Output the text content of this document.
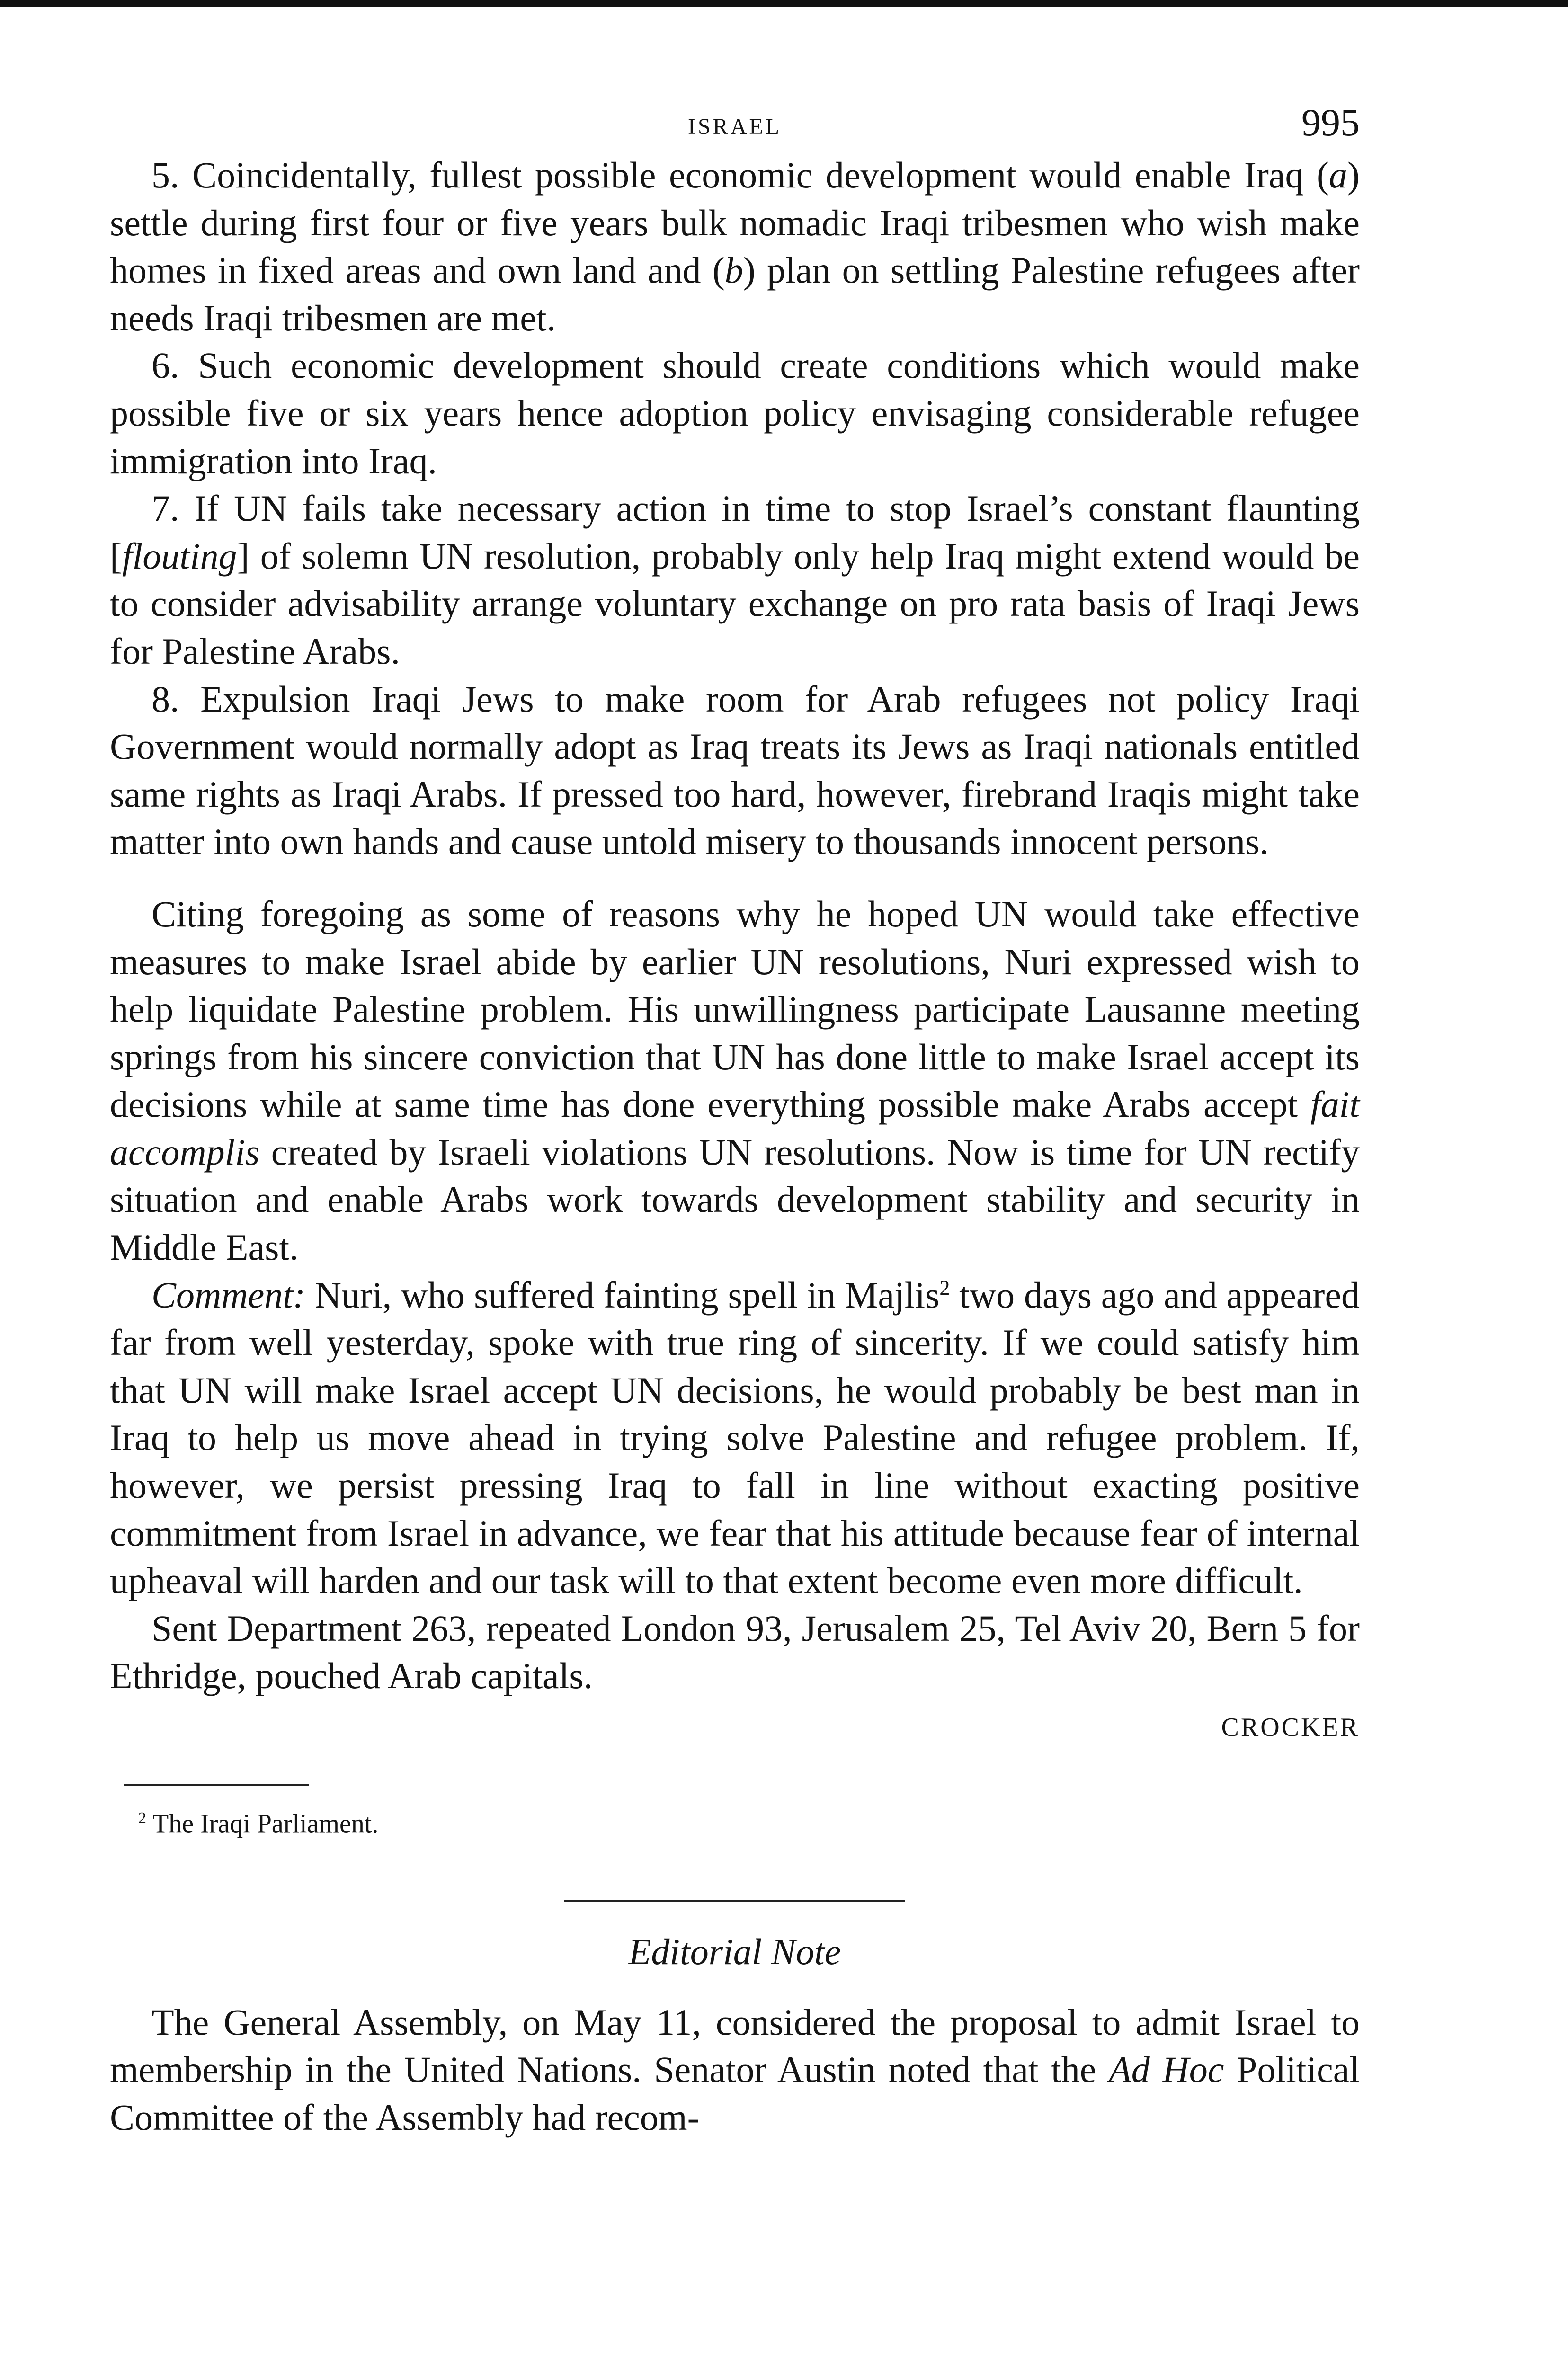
ISRAEL	995

5. Coincidentally, fullest possible economic development would enable Iraq (a) settle during first four or five years bulk nomadic Iraqi tribesmen who wish make homes in fixed areas and own land and (b) plan on settling Palestine refugees after needs Iraqi tribesmen are met.

6. Such economic development should create conditions which would make possible five or six years hence adoption policy envisaging considerable refugee immigration into Iraq.

7. If UN fails take necessary action in time to stop Israel’s constant flaunting [flouting] of solemn UN resolution, probably only help Iraq might extend would be to consider advisability arrange voluntary exchange on pro rata basis of Iraqi Jews for Palestine Arabs.

8. Expulsion Iraqi Jews to make room for Arab refugees not policy Iraqi Government would normally adopt as Iraq treats its Jews as Iraqi nationals entitled same rights as Iraqi Arabs. If pressed too hard, however, firebrand Iraqis might take matter into own hands and cause untold misery to thousands innocent persons.

Citing foregoing as some of reasons why he hoped UN would take effective measures to make Israel abide by earlier UN resolutions, Nuri expressed wish to help liquidate Palestine problem. His unwillingness participate Lausanne meeting springs from his sincere conviction that UN has done little to make Israel accept its decisions while at same time has done everything possible make Arabs accept fait accomplis created by Israeli violations UN resolutions. Now is time for UN rectify situation and enable Arabs work towards development stability and security in Middle East.

Comment: Nuri, who suffered fainting spell in Majlis$^2$ two days ago and appeared far from well yesterday, spoke with true ring of sincerity. If we could satisfy him that UN will make Israel accept UN decisions, he would probably be best man in Iraq to help us move ahead in trying solve Palestine and refugee problem. If, however, we persist pressing Iraq to fall in line without exacting positive commitment from Israel in advance, we fear that his attitude because fear of internal upheaval will harden and our task will to that extent become even more difficult.

Sent Department 263, repeated London 93, Jerusalem 25, Tel Aviv 20, Bern 5 for Ethridge, pouched Arab capitals.

CROCKER
$^2$ The Iraqi Parliament.
Editorial Note

The General Assembly, on May 11, considered the proposal to admit Israel to membership in the United Nations. Senator Austin noted that the Ad Hoc Political Committee of the Assembly had recom-
